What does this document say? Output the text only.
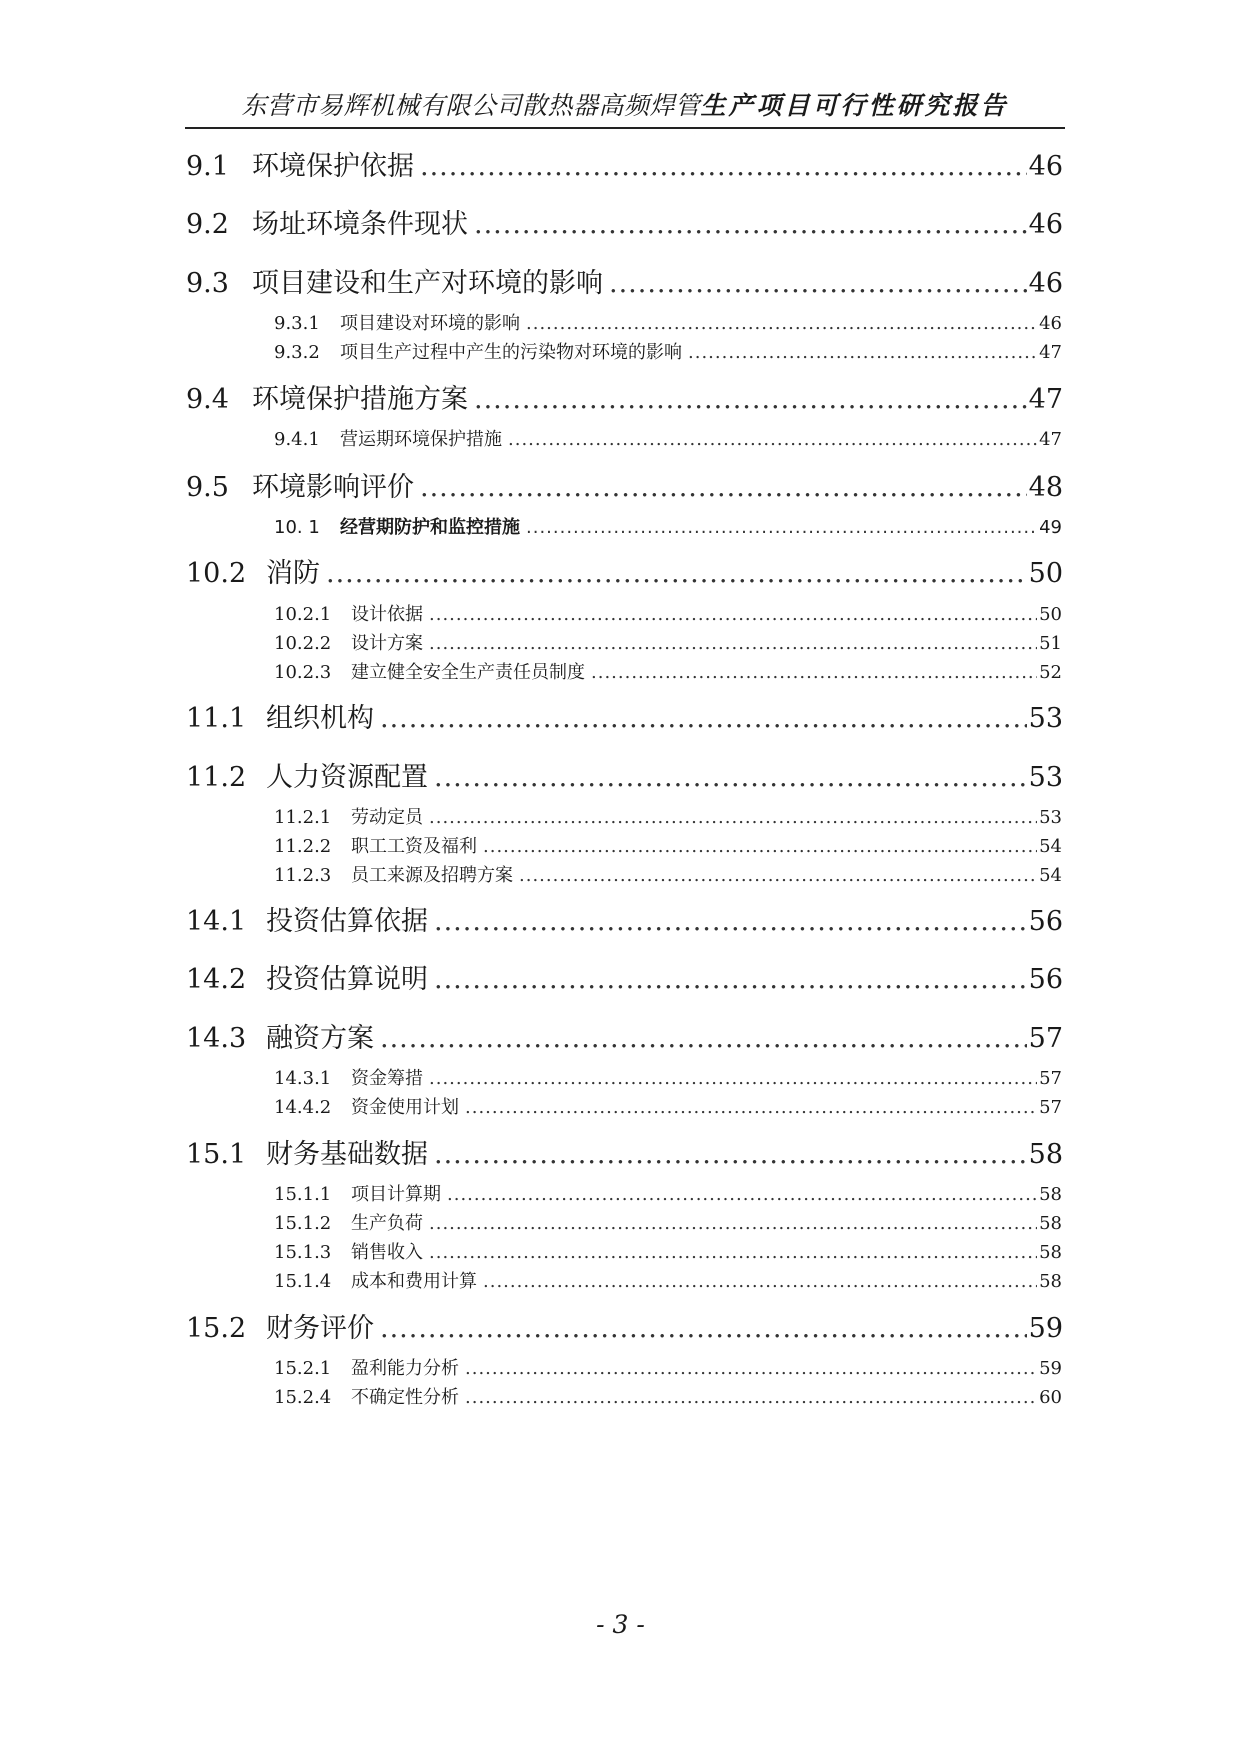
东营市易辉机械有限公司散热器高频焊管生产项目可行性研究报告
9.1 环境保护依据 .....	46
9.2 场址环境条件现状 .....	46
9.3 项目建设和生产对环境的影响 .....	46
9.3.1	项目建设对环境的影响 .....	46
9.3.2	项目生产过程中产生的污染物对环境的影响 .....	47
9.4 环境保护措施方案 .....	47
9.4.1	营运期环境保护措施 .....	47
9.5 环境影响评价 .....	48
10. 1	经营期防护和监控措施 .....	49
10.2 消防 .....	50
10.2.1	设计依据 .....	50
10.2.2	设计方案 .....	51
10.2.3	建立健全安全生产责任员制度 .....	52
11.1 组织机构 .....	53
11.2 人力资源配置 .....	53
11.2.1	劳动定员 .....	53
11.2.2	职工工资及福利 .....	54
11.2.3	员工来源及招聘方案 .....	54
14.1 投资估算依据 .....	56
14.2 投资估算说明 .....	56
14.3 融资方案 .....	57
14.3.1	资金筹措 .....	57
14.4.2	资金使用计划 .....	57
15.1 财务基础数据 .....	58
15.1.1	项目计算期 .....	58
15.1.2	生产负荷 .....	58
15.1.3	销售收入 .....	58
15.1.4	成本和费用计算 .....	58
15.2 财务评价 .....	59
15.2.1	盈利能力分析 .....	59
15.2.4	不确定性分析 .....	60
- 3 -
